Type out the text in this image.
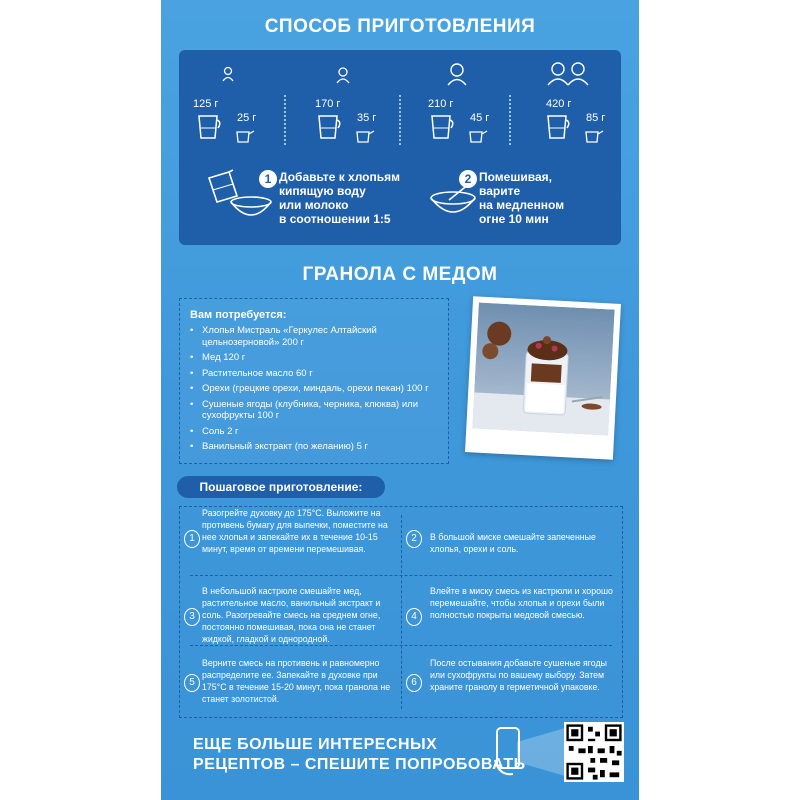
СПОСОБ ПРИГОТОВЛЕНИЯ
125 г
25 г
170 г
35 г
210 г
45 г
420 г
85 г
1 Добавьте к хлопьям
кипящую воду
или молоко
в соотношении 1:5
2 Помешивая,
варите
на медленном
огне 10 мин
ГРАНОЛА С МЕДОМ
Вам потребуется:
• Хлопья Мистраль «Геркулес Алтайский цельнозерновой» 200 г
• Мед 120 г
• Растительное масло 60 г
• Орехи (грецкие орехи, миндаль, орехи пекан) 100 г
• Сушеные ягоды (клубника, черника, клюква) или сухофрукты 100 г
• Соль 2 г
• Ванильный экстракт (по желанию) 5 г
Пошаговое приготовление:
1
Разогрейте духовку до 175°C. Выложите на противень бумагу для выпечки, поместите на нее хлопья и запекайте их в течение 10-15 минут, время от времени перемешивая.
2	В большой миске смешайте запеченные хлопья, орехи и соль.
3
В небольшой кастрюле смешайте мед, растительное масло, ванильный экстракт и соль. Разогревайте смесь на среднем огне, постоянно помешивая, пока она не станет жидкой, гладкой и однородной.
4
Влейте в миску смесь из кастрюли и хорошо перемешайте, чтобы хлопья и орехи были полностью покрыты медовой смесью.
5
Верните смесь на противень и равномерно распределите ее. Запекайте в духовке при 175°C в течение 15-20 минут, пока гранола не станет золотистой.
6
После остывания добавьте сушеные ягоды или сухофрукты по вашему выбору. Затем храните гранолу в герметичной упаковке.
ЕЩЕ БОЛЬШЕ ИНТЕРЕСНЫХ
РЕЦЕПТОВ – СПЕШИТЕ ПОПРОБОВАТЬ
